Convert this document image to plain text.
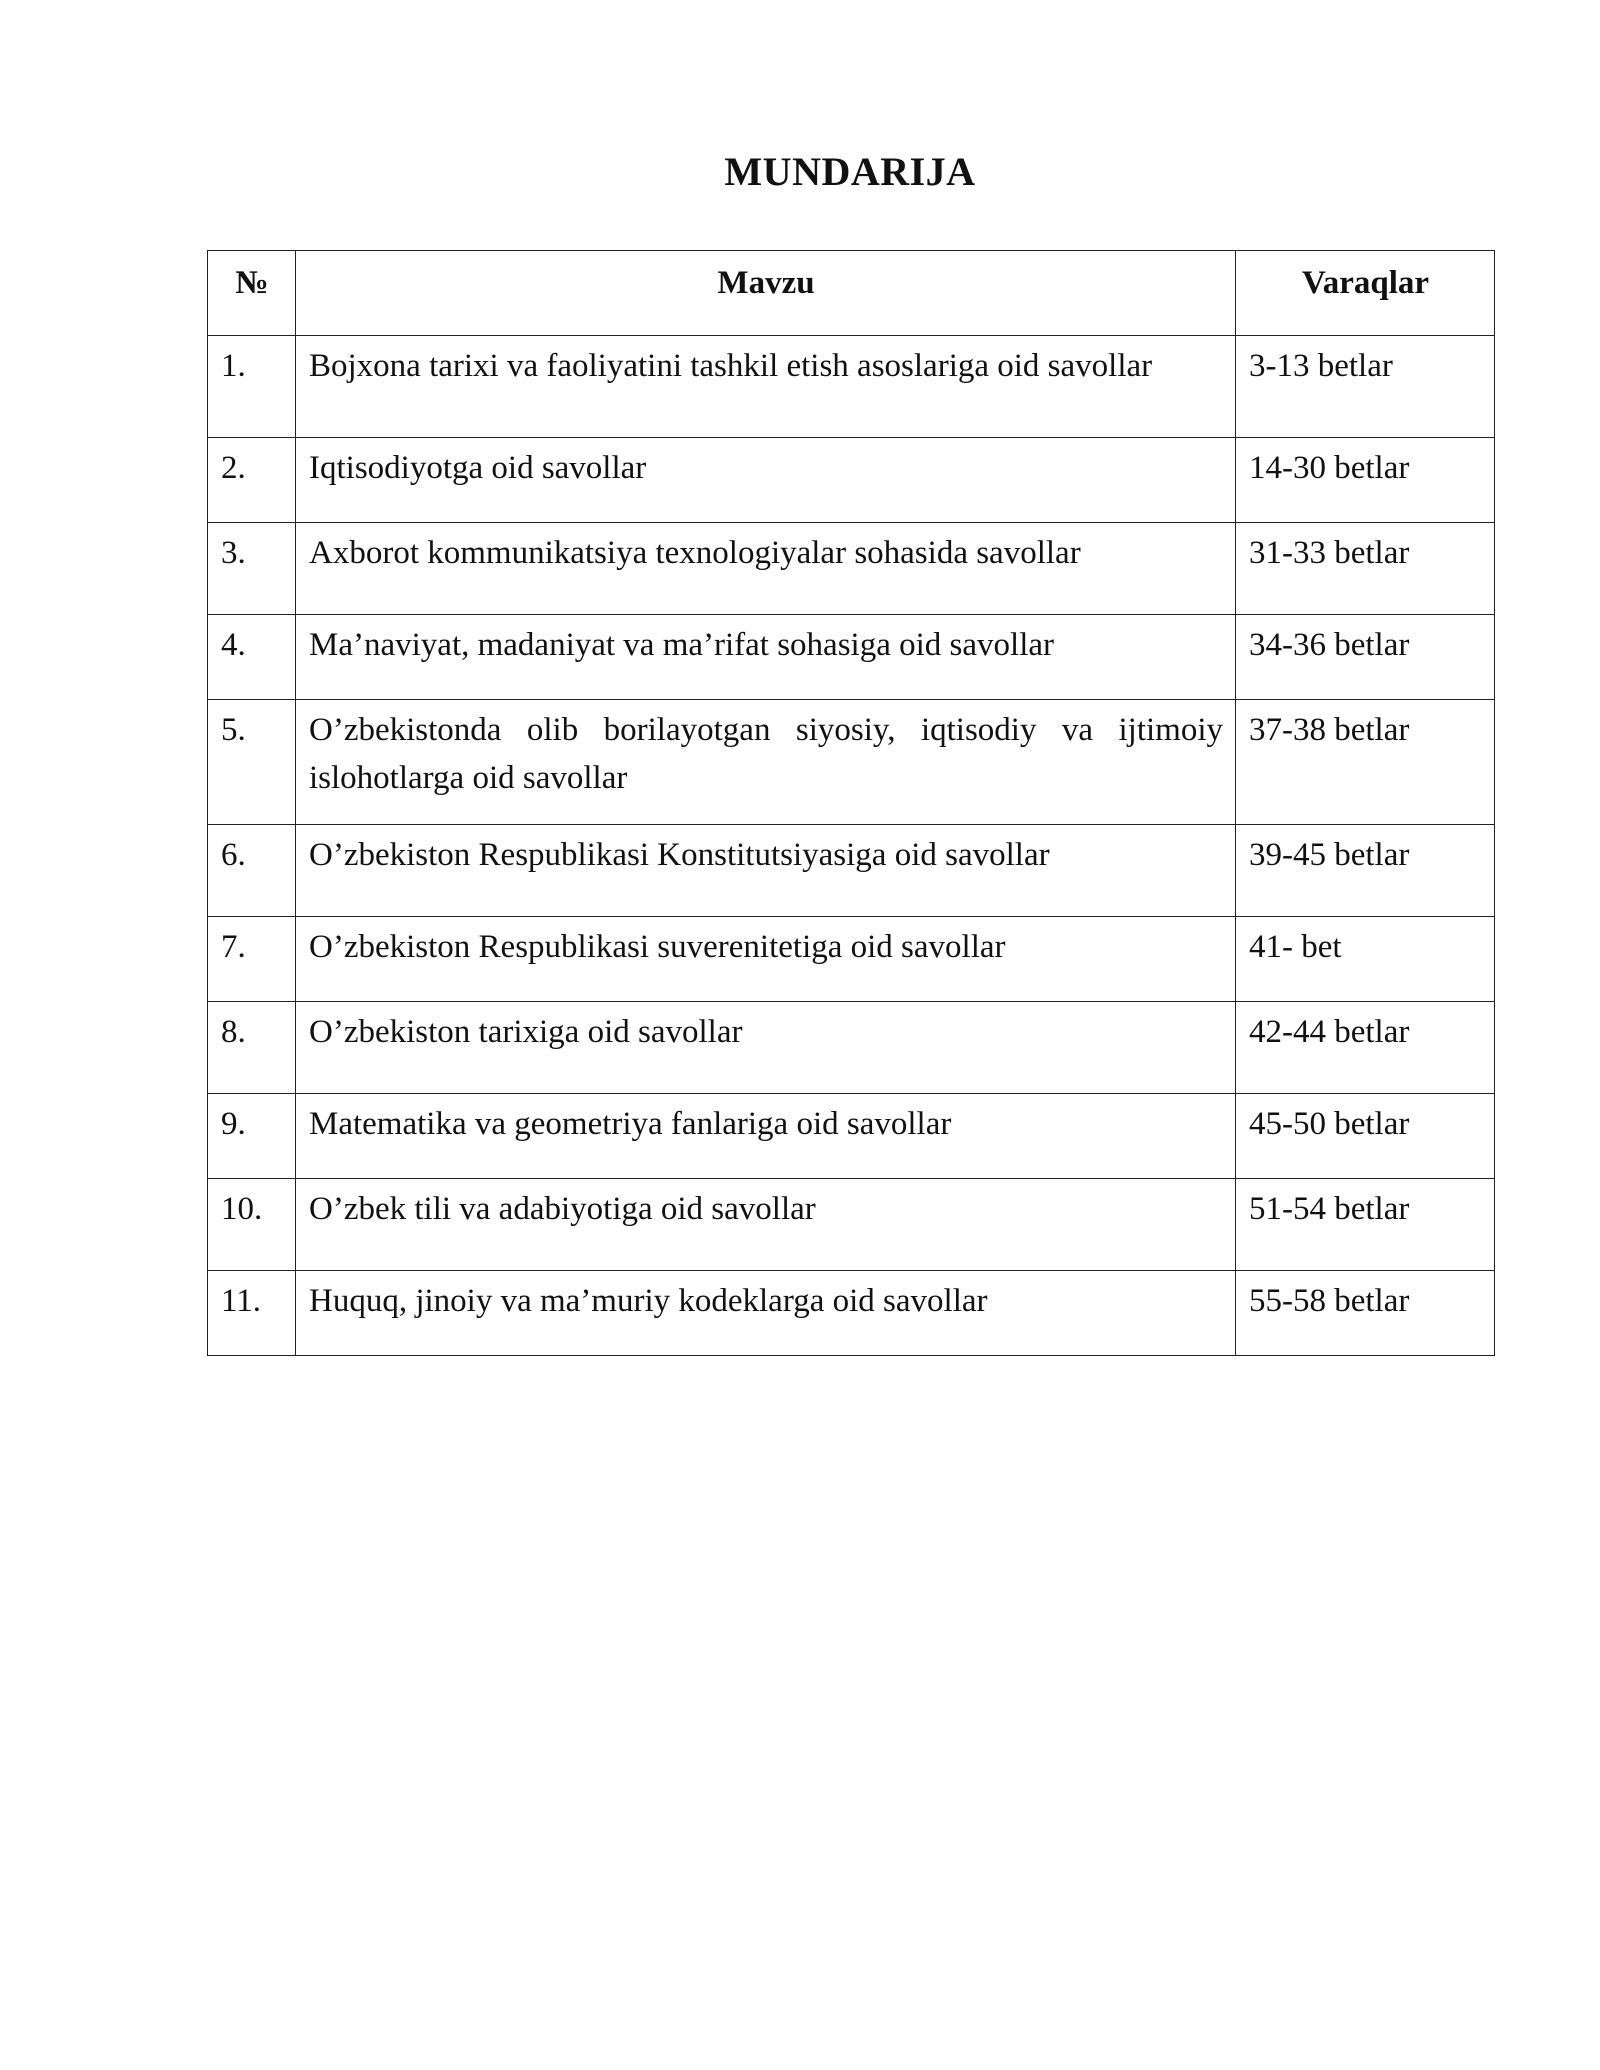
MUNDARIJA
№	Mavzu	Varaqlar
1.	Bojxona tarixi va faoliyatini tashkil etish asoslariga oid savollar	3-13 betlar
2.	Iqtisodiyotga oid savollar	14-30 betlar
3.	Axborot kommunikatsiya texnologiyalar sohasida savollar	31-33 betlar
4.	Ma’naviyat, madaniyat va ma’rifat sohasiga oid savollar	34-36 betlar
5.	O’zbekistonda olib borilayotgan siyosiy, iqtisodiy va ijtimoiy islohotlarga oid savollar	37-38 betlar
6.	O’zbekiston Respublikasi Konstitutsiyasiga oid savollar	39-45 betlar
7.	O’zbekiston Respublikasi suverenitetiga oid savollar	41- bet
8.	O’zbekiston tarixiga oid savollar	42-44 betlar
9.	Matematika va geometriya fanlariga oid savollar	45-50 betlar
10.	O’zbek tili va adabiyotiga oid savollar	51-54 betlar
11.	Huquq, jinoiy va ma’muriy kodeklarga oid savollar	55-58 betlar
